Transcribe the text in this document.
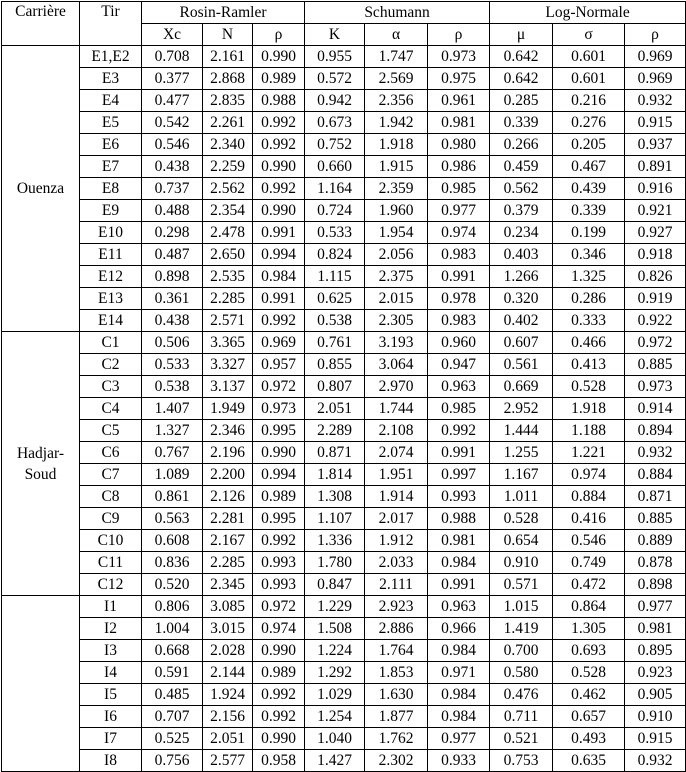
Carrière	Tir	Rosin-Ramler			Schumann			Log-Normale		
		Xc	N	ρ	K	α	ρ	μ	σ	ρ
Ouenza	E1,E2	0.708	2.161	0.990	0.955	1.747	0.973	0.642	0.601	0.969
	E3	0.377	2.868	0.989	0.572	2.569	0.975	0.642	0.601	0.969
	E4	0.477	2.835	0.988	0.942	2.356	0.961	0.285	0.216	0.932
	E5	0.542	2.261	0.992	0.673	1.942	0.981	0.339	0.276	0.915
	E6	0.546	2.340	0.992	0.752	1.918	0.980	0.266	0.205	0.937
	E7	0.438	2.259	0.990	0.660	1.915	0.986	0.459	0.467	0.891
	E8	0.737	2.562	0.992	1.164	2.359	0.985	0.562	0.439	0.916
	E9	0.488	2.354	0.990	0.724	1.960	0.977	0.379	0.339	0.921
	E10	0.298	2.478	0.991	0.533	1.954	0.974	0.234	0.199	0.927
	E11	0.487	2.650	0.994	0.824	2.056	0.983	0.403	0.346	0.918
	E12	0.898	2.535	0.984	1.115	2.375	0.991	1.266	1.325	0.826
	E13	0.361	2.285	0.991	0.625	2.015	0.978	0.320	0.286	0.919
	E14	0.438	2.571	0.992	0.538	2.305	0.983	0.402	0.333	0.922
Hadjar-Soud	C1	0.506	3.365	0.969	0.761	3.193	0.960	0.607	0.466	0.972
	C2	0.533	3.327	0.957	0.855	3.064	0.947	0.561	0.413	0.885
	C3	0.538	3.137	0.972	0.807	2.970	0.963	0.669	0.528	0.973
	C4	1.407	1.949	0.973	2.051	1.744	0.985	2.952	1.918	0.914
	C5	1.327	2.346	0.995	2.289	2.108	0.992	1.444	1.188	0.894
	C6	0.767	2.196	0.990	0.871	2.074	0.991	1.255	1.221	0.932
	C7	1.089	2.200	0.994	1.814	1.951	0.997	1.167	0.974	0.884
	C8	0.861	2.126	0.989	1.308	1.914	0.993	1.011	0.884	0.871
	C9	0.563	2.281	0.995	1.107	2.017	0.988	0.528	0.416	0.885
	C10	0.608	2.167	0.992	1.336	1.912	0.981	0.654	0.546	0.889
	C11	0.836	2.285	0.993	1.780	2.033	0.984	0.910	0.749	0.878
	C12	0.520	2.345	0.993	0.847	2.111	0.991	0.571	0.472	0.898
	I1	0.806	3.085	0.972	1.229	2.923	0.963	1.015	0.864	0.977
	I2	1.004	3.015	0.974	1.508	2.886	0.966	1.419	1.305	0.981
	I3	0.668	2.028	0.990	1.224	1.764	0.984	0.700	0.693	0.895
	I4	0.591	2.144	0.989	1.292	1.853	0.971	0.580	0.528	0.923
	I5	0.485	1.924	0.992	1.029	1.630	0.984	0.476	0.462	0.905
	I6	0.707	2.156	0.992	1.254	1.877	0.984	0.711	0.657	0.910
	I7	0.525	2.051	0.990	1.040	1.762	0.977	0.521	0.493	0.915
	I8	0.756	2.577	0.958	1.427	2.302	0.933	0.753	0.635	0.932
